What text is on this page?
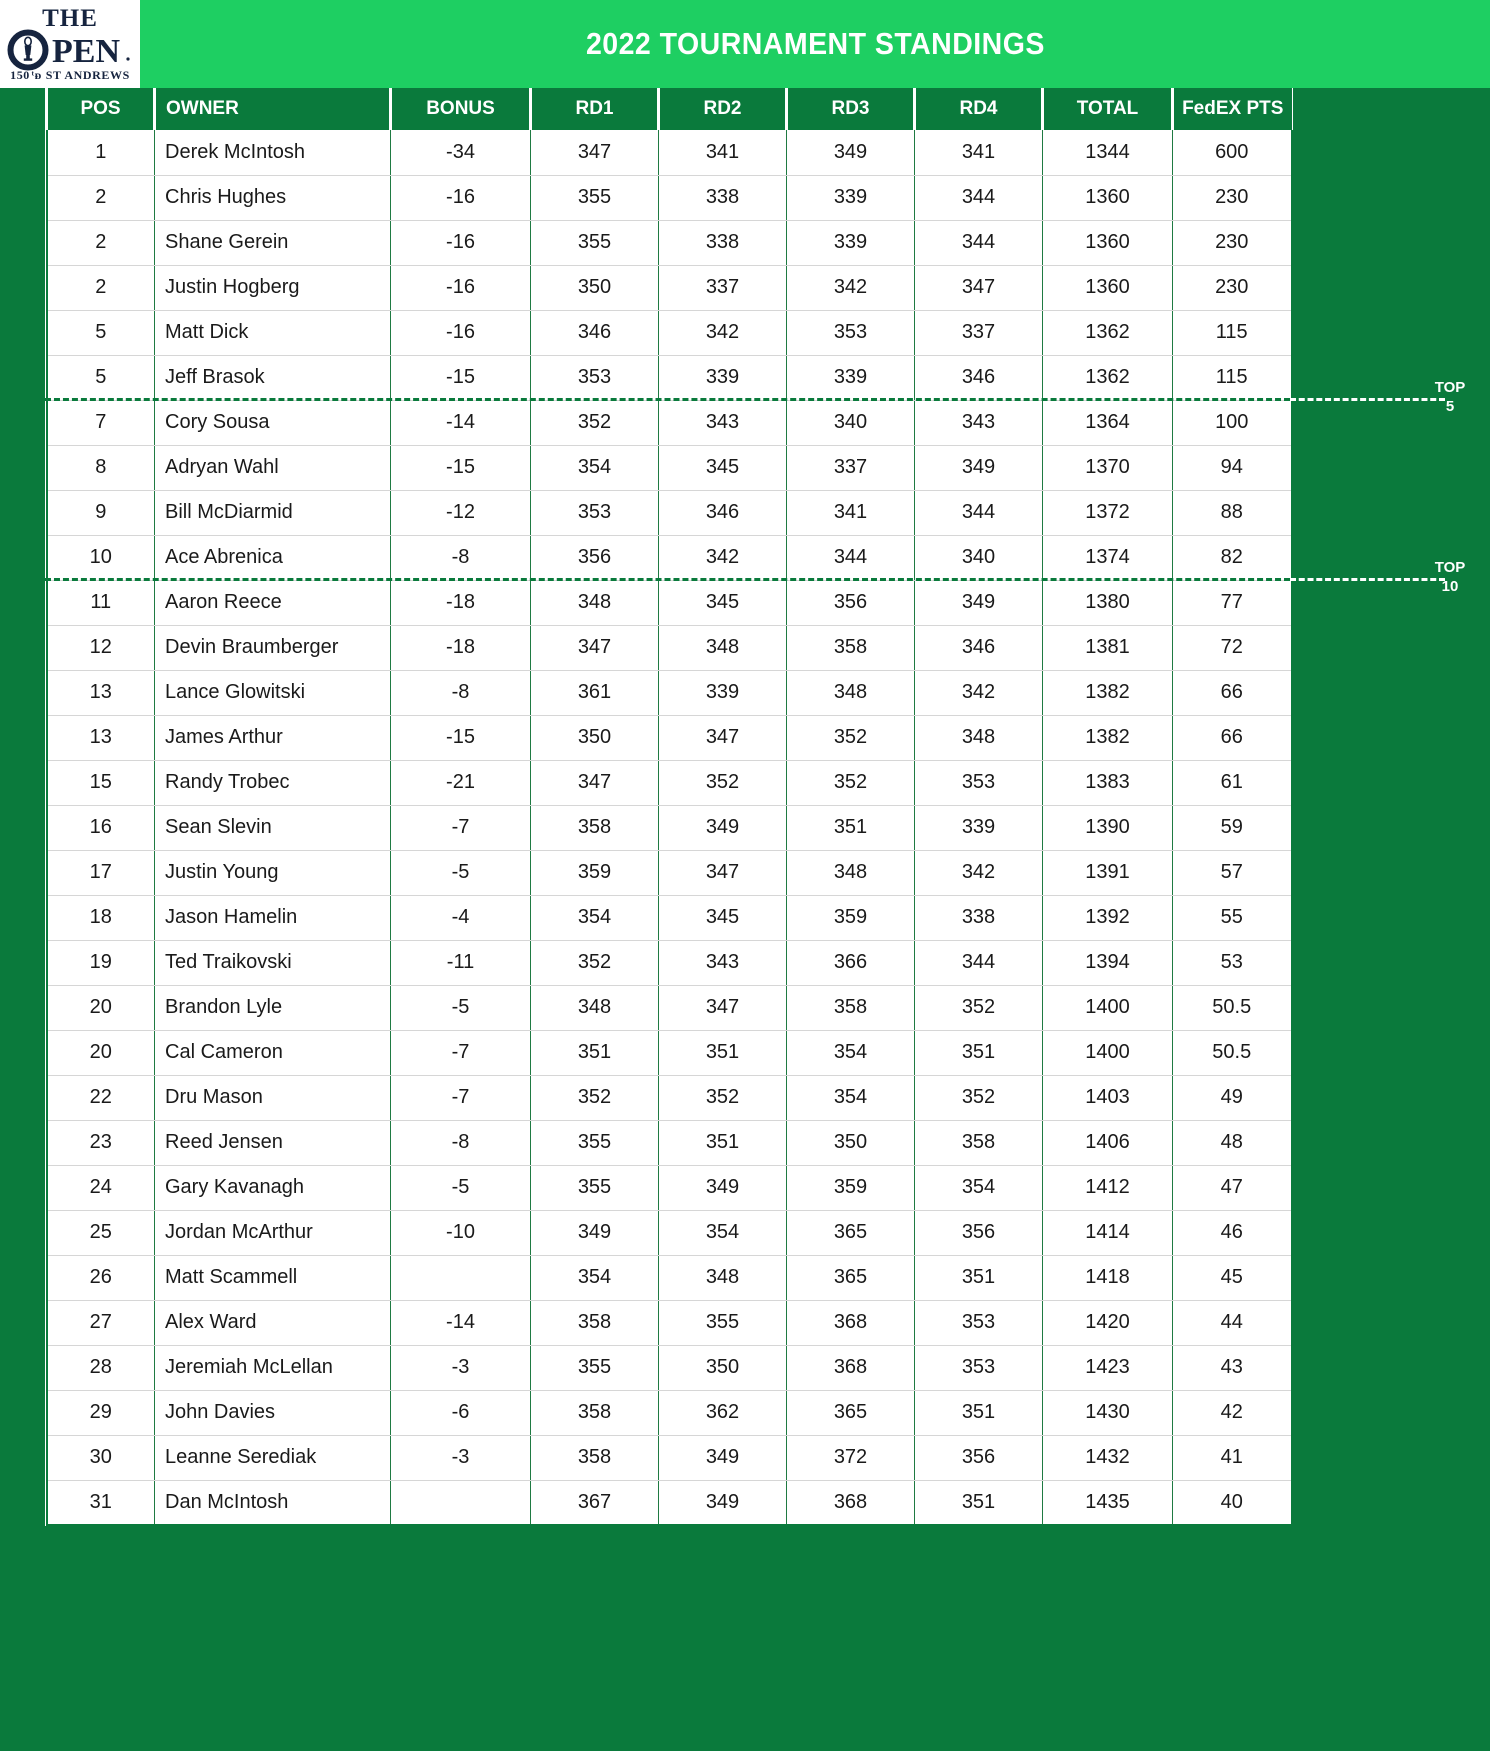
THE
PEN
150 ᵗᴆ ST ANDREWS
2022 TOURNAMENT STANDINGS
POS	OWNER	BONUS	RD1	RD2	RD3	RD4	TOTAL	FedEX PTS
1	Derek McIntosh	-34	347	341	349	341	1344	600
2	Chris Hughes	-16	355	338	339	344	1360	230
2	Shane Gerein	-16	355	338	339	344	1360	230
2	Justin Hogberg	-16	350	337	342	347	1360	230
5	Matt Dick	-16	346	342	353	337	1362	115
5	Jeff Brasok	-15	353	339	339	346	1362	115
7	Cory Sousa	-14	352	343	340	343	1364	100
8	Adryan Wahl	-15	354	345	337	349	1370	94
9	Bill McDiarmid	-12	353	346	341	344	1372	88
10	Ace Abrenica	-8	356	342	344	340	1374	82
11	Aaron Reece	-18	348	345	356	349	1380	77
12	Devin Braumberger	-18	347	348	358	346	1381	72
13	Lance Glowitski	-8	361	339	348	342	1382	66
13	James Arthur	-15	350	347	352	348	1382	66
15	Randy Trobec	-21	347	352	352	353	1383	61
16	Sean Slevin	-7	358	349	351	339	1390	59
17	Justin Young	-5	359	347	348	342	1391	57
18	Jason Hamelin	-4	354	345	359	338	1392	55
19	Ted Traikovski	-11	352	343	366	344	1394	53
20	Brandon Lyle	-5	348	347	358	352	1400	50.5
20	Cal Cameron	-7	351	351	354	351	1400	50.5
22	Dru Mason	-7	352	352	354	352	1403	49
23	Reed Jensen	-8	355	351	350	358	1406	48
24	Gary Kavanagh	-5	355	349	359	354	1412	47
25	Jordan McArthur	-10	349	354	365	356	1414	46
26	Matt Scammell		354	348	365	351	1418	45
27	Alex Ward	-14	358	355	368	353	1420	44
28	Jeremiah McLellan	-3	355	350	368	353	1423	43
29	John Davies	-6	358	362	365	351	1430	42
30	Leanne Serediak	-3	358	349	372	356	1432	41
31	Dan McIntosh		367	349	368	351	1435	40
TOP
5
TOP
10
